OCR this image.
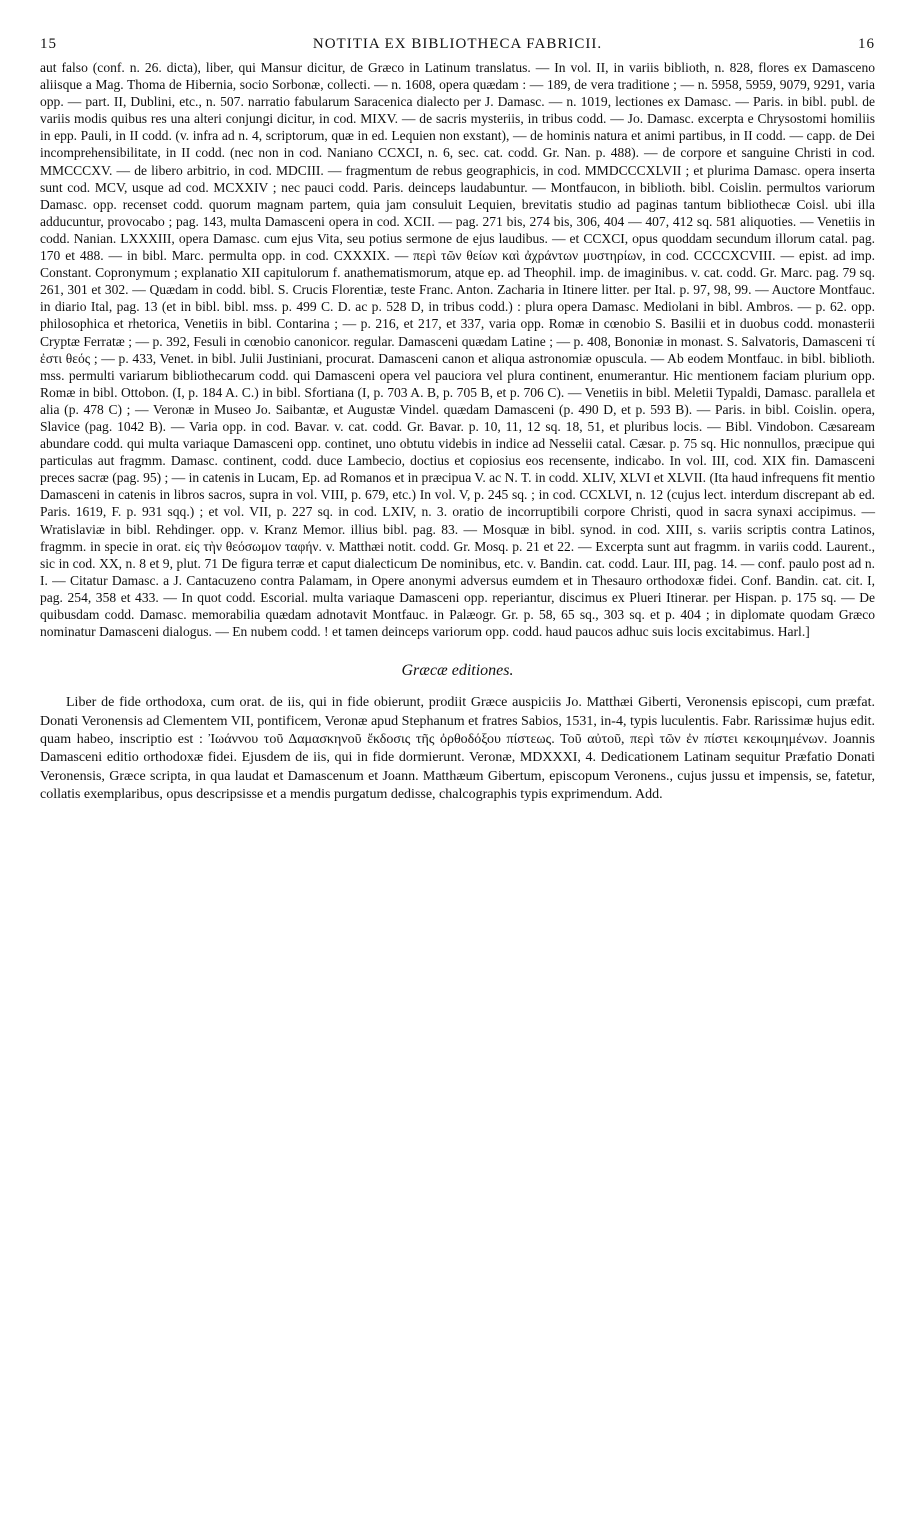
15	NOTITIA EX BIBLIOTHECA FABRICII.	16

aut falso (conf. n. 26. dicta), liber, qui Mansur dicitur, de Græco in Latinum translatus. — In vol. II, in variis biblioth, n. 828, flores ex Damasceno aliisque a Mag. Thoma de Hibernia, socio Sorbonæ, collecti. — n. 1608, opera quædam : — 189, de vera traditione ; — n. 5958, 5959, 9079, 9291, varia opp. — part. II, Dublini, etc., n. 507. narratio fabularum Saracenica dialecto per J. Damasc. — n. 1019, lectiones ex Damasc. — Paris. in bibl. publ. de variis modis quibus res una alteri conjungi dicitur, in cod. MIXV. — de sacris mysteriis, in tribus codd. — Jo. Damasc. excerpta e Chrysostomi homiliis in epp. Pauli, in II codd. (v. infra ad n. 4, scriptorum, quæ in ed. Lequien non exstant), — de hominis natura et animi partibus, in II codd. — capp. de Dei incomprehensibilitate, in II codd. (nec non in cod. Naniano CCXCI, n. 6, sec. cat. codd. Gr. Nan. p. 488). — de corpore et sanguine Christi in cod. MMCCCXV. — de libero arbitrio, in cod. MDCIII. — fragmentum de rebus geographicis, in cod. MMDCCCXLVII ; et plurima Damasc. opera inserta sunt cod. MCV, usque ad cod. MCXXIV ; nec pauci codd. Paris. deinceps laudabuntur. — Montfaucon, in biblioth. bibl. Coislin. permultos variorum Damasc. opp. recenset codd. quorum magnam partem, quia jam consuluit Lequien, brevitatis studio ad paginas tantum bibliothecæ Coisl. ubi illa adducuntur, provocabo ; pag. 143, multa Damasceni opera in cod. XCII. — pag. 271 bis, 274 bis, 306, 404 — 407, 412 sq. 581 aliquoties. — Venetiis in codd. Nanian. LXXXIII, opera Damasc. cum ejus Vita, seu potius sermone de ejus laudibus. — et CCXCI, opus quoddam secundum illorum catal. pag. 170 et 488. — in bibl. Marc. permulta opp. in cod. CXXXIX. — περὶ τῶν θείων καὶ ἀχράντων μυστηρίων, in cod. CCCCXCVIII. — epist. ad imp. Constant. Copronymum ; explanatio XII capitulorum f. anathematismorum, atque ep. ad Theophil. imp. de imaginibus. v. cat. codd. Gr. Marc. pag. 79 sq. 261, 301 et 302. — Quædam in codd. bibl. S. Crucis Florentiæ, teste Franc. Anton. Zacharia in Itinere litter. per Ital. p. 97, 98, 99. — Auctore Montfauc. in diario Ital, pag. 13 (et in bibl. bibl. mss. p. 499 C. D. ac p. 528 D, in tribus codd.) : plura opera Damasc. Mediolani in bibl. Ambros. — p. 62. opp. philosophica et rhetorica, Venetiis in bibl. Contarina ; — p. 216, et 217, et 337, varia opp. Romæ in cœnobio S. Basilii et in duobus codd. monasterii Cryptæ Ferratæ ; — p. 392, Fesuli in cœnobio canonicor. regular. Damasceni quædam Latine ; — p. 408, Bononiæ in monast. S. Salvatoris, Damasceni τί ἐστι θεός ; — p. 433, Venet. in bibl. Julii Justiniani, procurat. Damasceni canon et aliqua astronomiæ opuscula. — Ab eodem Montfauc. in bibl. biblioth. mss. permulti variarum bibliothecarum codd. qui Damasceni opera vel pauciora vel plura continent, enumerantur. Hic mentionem faciam plurium opp. Romæ in bibl. Ottobon. (I, p. 184 A. C.) in bibl. Sfortiana (I, p. 703 A. B, p. 705 B, et p. 706 C). — Venetiis in bibl. Meletii Typaldi, Damasc. parallela et alia (p. 478 C) ; — Veronæ in Museo Jo. Saibantæ, et Augustæ Vindel. quædam Damasceni (p. 490 D, et p. 593 B). — Paris. in bibl. Coislin. opera, Slavice (pag. 1042 B). — Varia opp. in cod. Bavar. v. cat. codd. Gr. Bavar. p. 10, 11, 12 sq. 18, 51, et pluribus locis. — Bibl. Vindobon. Cæsaream abundare codd. qui multa variaque Damasceni opp. continet, uno obtutu videbis in indice ad Nesselii catal. Cæsar. p. 75 sq. Hic nonnullos, præcipue qui particulas aut fragmm. Damasc. continent, codd. duce Lambecio, doctius et copiosius eos recensente, indicabo. In vol. III, cod. XIX fin. Damasceni preces sacræ (pag. 95) ; — in catenis in Lucam, Ep. ad Romanos et in præcipua V. ac N. T. in codd. XLIV, XLVI et XLVII. (Ita haud infrequens fit mentio Damasceni in catenis in libros sacros, supra in vol. VIII, p. 679, etc.) In vol. V, p. 245 sq. ; in cod. CCXLVI, n. 12 (cujus lect. interdum discrepant ab ed. Paris. 1619, F. p. 931 sqq.) ; et vol. VII, p. 227 sq. in cod. LXIV, n. 3. oratio de incorruptibili corpore Christi, quod in sacra synaxi accipimus. — Wratislaviæ in bibl. Rehdinger. opp. v. Kranz Memor. illius bibl. pag. 83. — Mosquæ in bibl. synod. in cod. XIII, s. variis scriptis contra Latinos, fragmm. in specie in orat. εἰς τὴν θεόσωμον ταφήν. v. Matthæi notit. codd. Gr. Mosq. p. 21 et 22. — Excerpta sunt aut fragmm. in variis codd. Laurent., sic in cod. XX, n. 8 et 9, plut. 71 De figura terræ et caput dialecticum De nominibus, etc. v. Bandin. cat. codd. Laur. III, pag. 14. — conf. paulo post ad n. I. — Citatur Damasc. a J. Cantacuzeno contra Palamam, in Opere anonymi adversus eumdem et in Thesauro orthodoxæ fidei. Conf. Bandin. cat. cit. I, pag. 254, 358 et 433. — In quot codd. Escorial. multa variaque Damasceni opp. reperiantur, discimus ex Plueri Itinerar. per Hispan. p. 175 sq. — De quibusdam codd. Damasc. memorabilia quædam adnotavit Montfauc. in Palæogr. Gr. p. 58, 65 sq., 303 sq. et p. 404 ; in diplomate quodam Græco nominatur Damasceni dialogus. — En nubem codd. ! et tamen deinceps variorum opp. codd. haud paucos adhuc suis locis excitabimus. Harl.]

Græcæ editiones.

Liber de fide orthodoxa, cum orat. de iis, qui in fide obierunt, prodiit Græce auspiciis Jo. Matthæi Giberti, Veronensis episcopi, cum præfat. Donati Veronensis ad Clementem VII, pontificem, Veronæ apud Stephanum et fratres Sabios, 1531, in-4, typis luculentis. Fabr. Rarissimæ hujus edit. quam habeo, inscriptio est : Ἰωάννου τοῦ Δαμασκηνοῦ ἔκδοσις τῆς ὀρθοδόξου πίστεως. Τοῦ αὐτοῦ, περὶ τῶν ἐν πίστει κεκοιμημένων. Joannis Damasceni editio orthodoxæ fidei. Ejusdem de iis, qui in fide dormierunt. Veronæ, MDXXXI, 4. Dedicationem Latinam sequitur Præfatio Donati Veronensis, Græce scripta, in qua laudat et Damascenum et Joann. Matthæum Gibertum, episcopum Veronens., cujus jussu et impensis, se, fatetur, collatis exemplaribus, opus descripsisse et a mendis purgatum dedisse, chalcographis typis exprimendum. Add.
